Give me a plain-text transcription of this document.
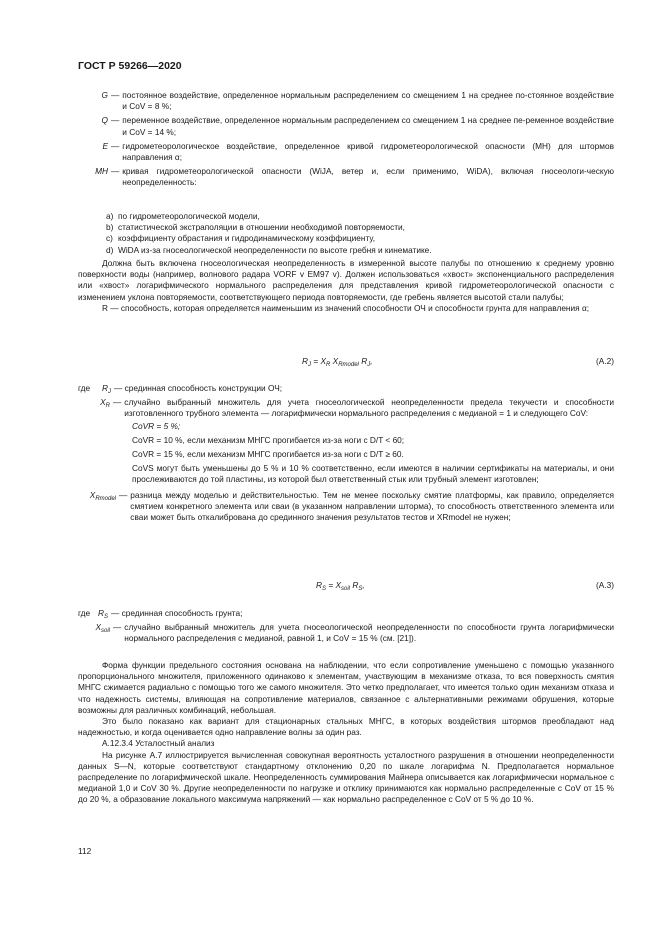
ГОСТ Р 59266—2020
G — постоянное воздействие, определенное нормальным распределением со смещением 1 на среднее по-стоянное воздействие и CoV = 8 %;
Q — переменное воздействие, определенное нормальным распределением со смещением 1 на среднее пе-ременное воздействие и CoV = 14 %;
E — гидрометеорологическое воздействие, определенное кривой гидрометеорологической опасности (МН) для штормов направления α;
MH — кривая гидрометеорологической опасности (WiJA, ветер и, если применимо, WiDA), включая гносеологи-ческую неопределенность:
a) по гидрометеорологической модели,
b) статистической экстраполяции в отношении необходимой повторяемости,
c) коэффициенту обрастания и гидродинамическому коэффициенту,
d) WiDA из-за гносеологической неопределенности по высоте гребня и кинематике.

Должна быть включена гносеологическая неопределенность в измеренной высоте палубы по отношению к среднему уровню поверхности воды (например, волнового радара VORF v EM97 v). Должен использоваться «хвост» экспоненциального распределения или «хвост» логарифмического нормального распределения для представления кривой гидрометеорологической опасности с изменением уклона повторяемости, соответствующего периода повторяемости, где гребень является высотой стали палубы;

R — способность, которая определяется наименьшим из значений способности ОЧ и способности грунта для направления α;

$R_J = X_R$ $X_{Rmodel}$ $R_J$,	(A.2)
где	$R_J$ — срединная способность конструкции ОЧ;
$X_R$ — случайно выбранный множитель для учета гносеологической неопределенности предела текучести и способности изготовленного трубного элемента — логарифмически нормального распределения с медианой = 1 и следующего CoV:
CoVR = 5 %;
CoVR = 10 %, если механизм МНГС прогибается из-за ноги с D/T < 60;
CoVR = 15 %, если механизм МНГС прогибается из-за ноги с D/T ≥ 60.
CoVS могут быть уменьшены до 5 % и 10 % соответственно, если имеются в наличии сертификаты на материалы, и они прослеживаются до той пластины, из которой был ответственный стык или трубный элемент изготовлен;
$X_{Rmodel}$ — разница между моделью и действительностью. Тем не менее поскольку смятие платформы, как правило, определяется смятием конкретного элемента или сваи (в указанном направлении шторма), то способность ответственного элемента или сваи может быть откалибрована до срединного значения результатов тестов и XRmodel не нужен;
$R_S = X_{soil}$ $R_S$,	(A.3)
где $R_S$ — срединная способность грунта;
$X_{soil}$ — случайно выбранный множитель для учета гносеологической неопределенности по способности грунта логарифмически нормального распределения с медианой, равной 1, и CoV = 15 % (см. [21]).

Форма функции предельного состояния основана на наблюдении, что если сопротивление уменьшено с помощью указанного пропорционального множителя, приложенного одинаково к элементам, участвующим в механизме отказа, то вся поверхность смятия МНГС сжимается радиально с помощью того же самого множителя. Это четко предполагает, что имеется только один механизм отказа и что надежность системы, влияющая на сопротивление материалов, связанное с альтернативными режимами обрушения, которые возможны для различных комбинаций, небольшая.

Это было показано как вариант для стационарных стальных МНГС, в которых воздействия штормов преобладают над надежностью, и когда оценивается одно направление волны за один раз.

A.12.3.4 Усталостный анализ

На рисунке А.7 иллюстрируется вычисленная совокупная вероятность усталостного разрушения в отношении неопределенности данных S—N, которые соответствуют стандартному отклонению 0,20 по шкале логарифма N. Предполагается нормальное распределение по логарифмической шкале. Неопределенность суммирования Майнера описывается как логарифмически нормальное с медианой 1,0 и CoV 30 %. Другие неопределенности по нагрузке и отклику принимаются как нормально распределенные с CoV от 15 % до 20 %, а образование локального максимума напряжений — как нормально распределенное с CoV от 5 % до 10 %.

112
